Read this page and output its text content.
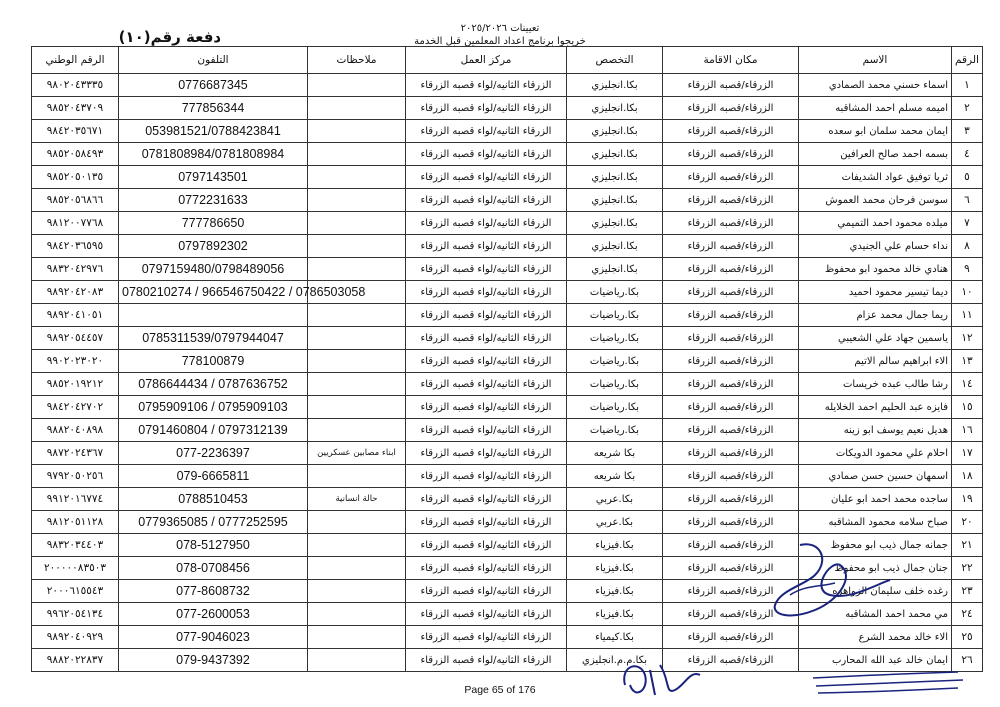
تعيينات ٢٠٢٥/٢٠٢٦
خريجوا برنامج اعداد المعلمين قبل الخدمة
دفعة رقم(١٠)
الرقم	الاسم	مكان الاقامة	التخصص	مركز العمل	ملاحظات	التلفون	الرقم الوطني
١	اسماء حسني محمد الصمادي	الزرقاء/قصبه الزرقاء	بكا.انجليزي	الزرقاء الثانيه/لواء قصبه الزرقاء		0776687345	٩٨٠٢٠٤٣٣٣٥
٢	اميمه مسلم احمد المشاقبه	الزرقاء/قصبه الزرقاء	بكا.انجليزي	الزرقاء الثانيه/لواء قصبه الزرقاء		777856344	٩٨٥٢٠٤٣٧٠٩
٣	ايمان محمد سلمان ابو سعده	الزرقاء/قصبه الزرقاء	بكا.انجليزي	الزرقاء الثانيه/لواء قصبه الزرقاء		053981521/0788423841	٩٨٤٢٠٣٥٦٧١
٤	بسمه احمد صالح العرافين	الزرقاء/قصبه الزرقاء	بكا.انجليزي	الزرقاء الثانيه/لواء قصبه الزرقاء		0781808984/0781808984	٩٨٥٢٠٥٨٤٩٣
٥	ثريا توفيق عواد الشديفات	الزرقاء/قصبه الزرقاء	بكا.انجليزي	الزرقاء الثانيه/لواء قصبه الزرقاء		0797143501	٩٨٥٢٠٥٠١٣٥
٦	سوسن فرحان محمد العموش	الزرقاء/قصبه الزرقاء	بكا.انجليزي	الزرقاء الثانيه/لواء قصبه الزرقاء		0772231633	٩٨٥٢٠٥٦٨٦٦
٧	ميلده محمود احمد التميمي	الزرقاء/قصبه الزرقاء	بكا.انجليزي	الزرقاء الثانيه/لواء قصبه الزرقاء		777786650	٩٨١٢٠٠٧٧٦٨
٨	نداء حسام علي الجنيدي	الزرقاء/قصبه الزرقاء	بكا.انجليزي	الزرقاء الثانيه/لواء قصبه الزرقاء		0797892302	٩٨٤٢٠٣٦٥٩٥
٩	هنادي خالد محمود ابو محفوظ	الزرقاء/قصبه الزرقاء	بكا.انجليزي	الزرقاء الثانيه/لواء قصبه الزرقاء		0797159480/0798489056	٩٨٣٢٠٤٢٩٧٦
١٠	ديما تيسير محمود احميد	الزرقاء/قصبه الزرقاء	بكا.رياضيات	الزرقاء الثانيه/لواء قصبه الزرقاء		0780210274 / 966546750422 / 0786503058	٩٨٩٢٠٤٢٠٨٣
١١	ريما جمال محمد عزام	الزرقاء/قصبه الزرقاء	بكا.رياضيات	الزرقاء الثانيه/لواء قصبه الزرقاء			٩٨٩٢٠٤١٠٥١
١٢	ياسمين جهاد علي الشعيبي	الزرقاء/قصبه الزرقاء	بكا.رياضيات	الزرقاء الثانيه/لواء قصبه الزرقاء		0785311539/0797944047	٩٨٩٢٠٥٤٤٥٧
١٣	الاء ابراهيم سالم الاتيم	الزرقاء/قصبه الزرقاء	بكا.رياضيات	الزرقاء الثانيه/لواء قصبه الزرقاء		778100879	٩٩٠٢٠٢٣٠٢٠
١٤	رشا طالب عبده خريسات	الزرقاء/قصبه الزرقاء	بكا.رياضيات	الزرقاء الثانيه/لواء قصبه الزرقاء		0786644434 / 0787636752	٩٨٥٢٠١٩٢١٢
١٥	فايزه عبد الحليم احمد الخلايله	الزرقاء/قصبه الزرقاء	بكا.رياضيات	الزرقاء الثانيه/لواء قصبه الزرقاء		0795909106 / 0795909103	٩٨٤٢٠٤٢٧٠٢
١٦	هديل نعيم يوسف ابو زينه	الزرقاء/قصبه الزرقاء	بكا.رياضيات	الزرقاء الثانيه/لواء قصبه الزرقاء		0791460804 / 0797312139	٩٨٨٢٠٤٠٨٩٨
١٧	احلام علي محمود الدويكات	الزرقاء/قصبه الزرقاء	بكا شريعه	الزرقاء الثانيه/لواء قصبه الزرقاء	ابناء مصابين عسكريين	077-2236397	٩٨٧٢٠٢٤٣٦٧
١٨	اسمهان حسين حسن صمادي	الزرقاء/قصبه الزرقاء	بكا شريعه	الزرقاء الثانيه/لواء قصبه الزرقاء		079-6665811	٩٧٩٢٠٥٠٢٥٦
١٩	ساجده محمد احمد ابو عليان	الزرقاء/قصبه الزرقاء	بكا.عربي	الزرقاء الثانيه/لواء قصبه الزرقاء	حالة انسانية	0788510453	٩٩١٢٠١٦٧٧٤
٢٠	صباح سلامه محمود المشاقبه	الزرقاء/قصبه الزرقاء	بكا.عربي	الزرقاء الثانيه/لواء قصبه الزرقاء		0779365085 / 0777252595	٩٨١٢٠٥١١٢٨
٢١	جمانه جمال ذيب ابو محفوظ	الزرقاء/قصبه الزرقاء	بكا.فيزياء	الزرقاء الثانيه/لواء قصبه الزرقاء		078-5127950	٩٨٣٢٠٣٤٤٠٣
٢٢	جنان جمال ذيب ابو محفوظ	الزرقاء/قصبه الزرقاء	بكا.فيزياء	الزرقاء الثانيه/لواء قصبه الزرقاء		078-0708456	٢٠٠٠٠٠٨٣٥٠٣
٢٣	رغده خلف سليمان الزواهره	الزرقاء/قصبه الزرقاء	بكا.فيزياء	الزرقاء الثانيه/لواء قصبه الزرقاء		077-8608732	٢٠٠٠٦١٥٥٤٣
٢٤	مي محمد احمد المشاقبه	الزرقاء/قصبه الزرقاء	بكا.فيزياء	الزرقاء الثانيه/لواء قصبه الزرقاء		077-2600053	٩٩٦٢٠٥٤١٣٤
٢٥	الاء خالد محمد الشرع	الزرقاء/قصبه الزرقاء	بكا.كيمياء	الزرقاء الثانيه/لواء قصبه الزرقاء		077-9046023	٩٨٩٢٠٤٠٩٢٩
٢٦	ايمان خالد عبد الله المحارب	الزرقاء/قصبه الزرقاء	بكا.م.م.انجليزي	الزرقاء الثانيه/لواء قصبه الزرقاء		079-9437392	٩٨٨٢٠٢٢٨٣٧
Page 65 of 176
